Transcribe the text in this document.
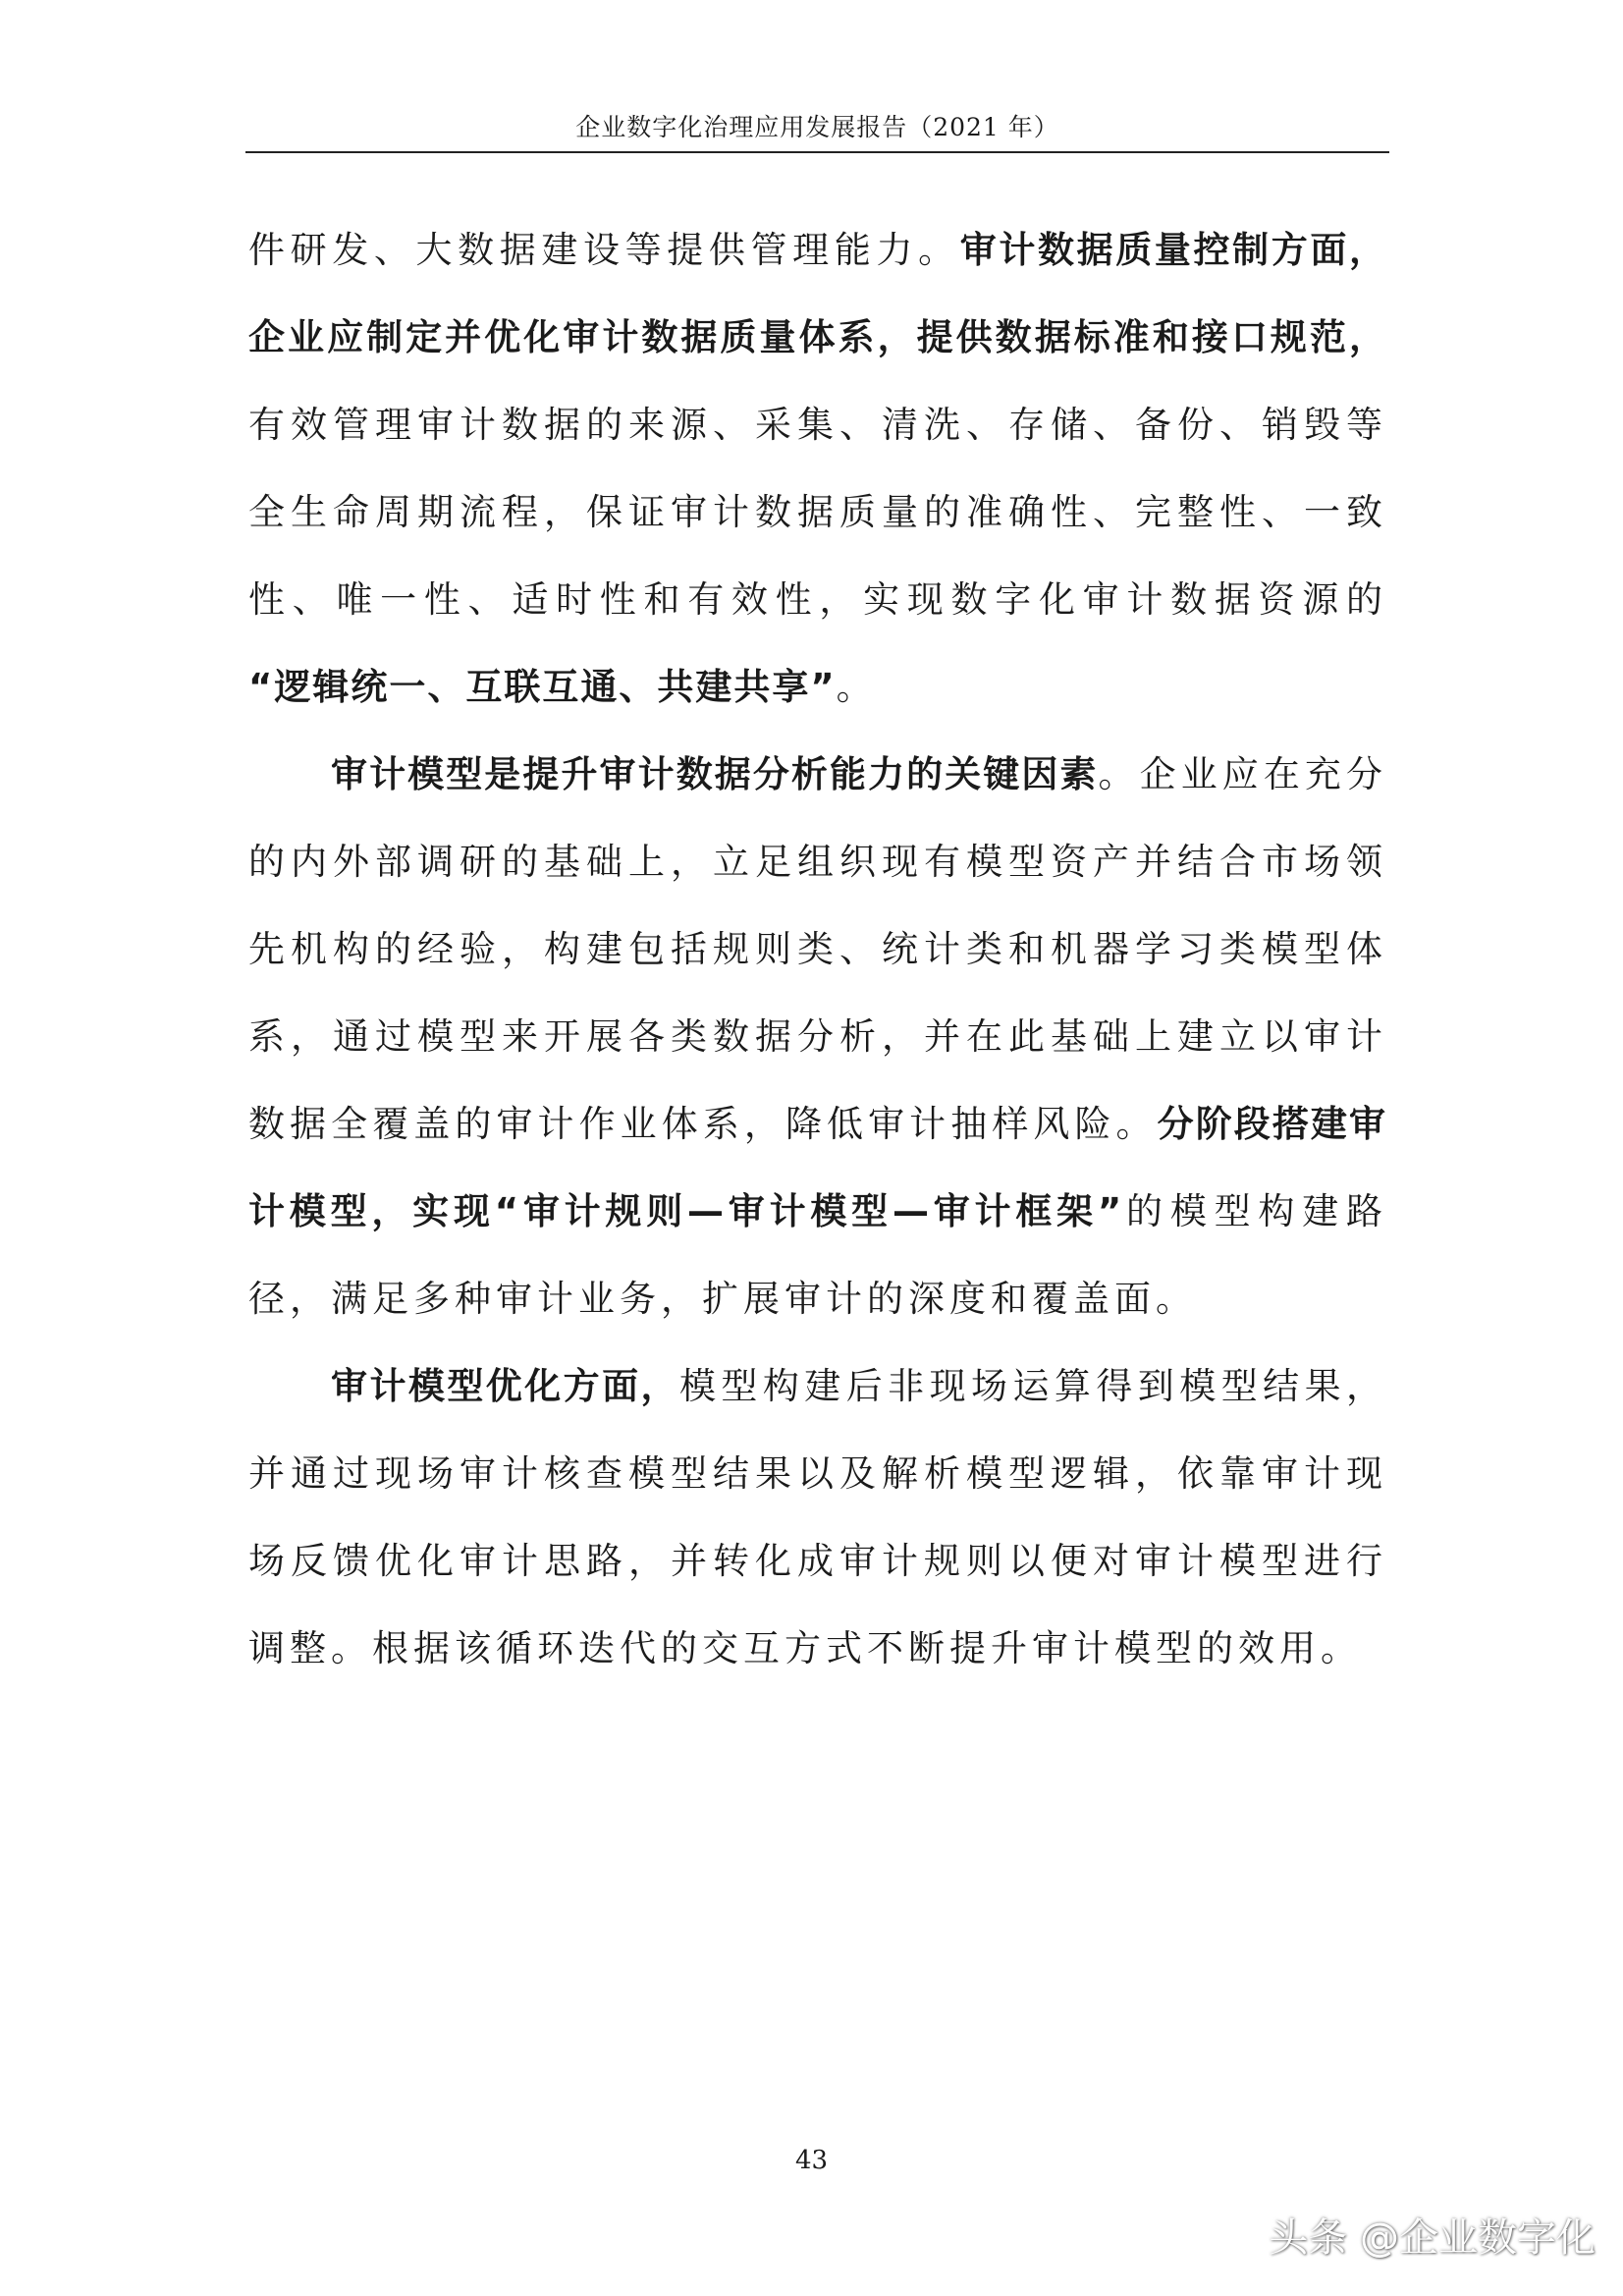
企业数字化治理应用发展报告（2021 年）

件研发、大数据建设等提供管理能力。审计数据质量控制方面，企业应制定并优化审计数据质量体系，提供数据标准和接口规范，有效管理审计数据的来源、采集、清洗、存储、备份、销毁等全生命周期流程，保证审计数据质量的准确性、完整性、一致性、唯一性、适时性和有效性，实现数字化审计数据资源的 “逻辑统一、互联互通、共建共享”。

审计模型是提升审计数据分析能力的关键因素。企业应在充分的内外部调研的基础上，立足组织现有模型资产并结合市场领先机构的经验，构建包括规则类、统计类和机器学习类模型体系，通过模型来开展各类数据分析，并在此基础上建立以审计数据全覆盖的审计作业体系，降低审计抽样风险。分阶段搭建审计模型，实现“审计规则—审计模型—审计框架”的模型构建路径，满足多种审计业务，扩展审计的深度和覆盖面。

审计模型优化方面，模型构建后非现场运算得到模型结果，并通过现场审计核查模型结果以及解析模型逻辑，依靠审计现场反馈优化审计思路，并转化成审计规则以便对审计模型进行调整。根据该循环迭代的交互方式不断提升审计模型的效用。

43
头条 @企业数字化
